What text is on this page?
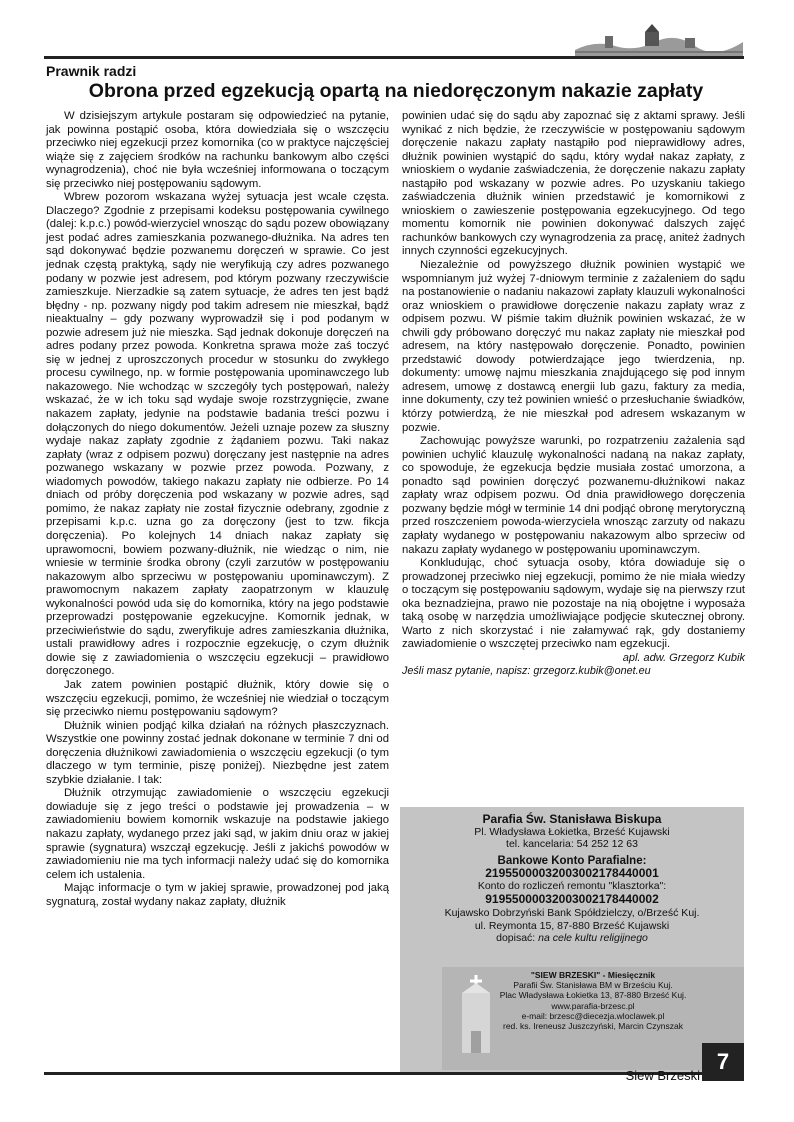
Prawnik radzi
Obrona przed egzekucją opartą na niedoręczonym nakazie zapłaty

W dzisiejszym artykule postaram się odpowiedzieć na pytanie, jak powinna postąpić osoba, która dowiedziała się o wszczęciu przeciwko niej egzekucji przez komornika (co w praktyce najczęściej wiąże się z zajęciem środków na rachunku bankowym albo części wynagrodzenia), choć nie była wcześniej informowana o toczącym się przeciwko niej postępowaniu sądowym.

Wbrew pozorom wskazana wyżej sytuacja jest wcale częsta. Dlaczego? Zgodnie z przepisami kodeksu postępowania cywilnego (dalej: k.p.c.) powód-wierzyciel wnosząc do sądu pozew obowiązany jest podać adres zamieszkania pozwanego-dłużnika. Na adres ten sąd dokonywać będzie pozwanemu doręczeń w sprawie. Co jest jednak częstą praktyką, sądy nie weryfikują czy adres pozwanego podany w pozwie jest adresem, pod którym pozwany rzeczywiście zamieszkuje. Nierzadkie są zatem sytuacje, że adres ten jest bądź błędny - np. pozwany nigdy pod takim adresem nie mieszkał, bądź nieaktualny – gdy pozwany wyprowadził się i pod podanym w pozwie adresem już nie mieszka. Sąd jednak dokonuje doręczeń na adres podany przez powoda. Konkretna sprawa może zaś toczyć się w jednej z uproszczonych procedur w stosunku do zwykłego procesu cywilnego, np. w formie postępowania upominawczego lub nakazowego. Nie wchodząc w szczegóły tych postępowań, należy wskazać, że w ich toku sąd wydaje swoje rozstrzygnięcie, zwane nakazem zapłaty, jedynie na podstawie badania treści pozwu i dołączonych do niego dokumentów. Jeżeli uznaje pozew za słuszny wydaje nakaz zapłaty zgodnie z żądaniem pozwu. Taki nakaz zapłaty (wraz z odpisem pozwu) doręczany jest następnie na adres pozwanego wskazany w pozwie przez powoda. Pozwany, z wiadomych powodów, takiego nakazu zapłaty nie odbierze. Po 14 dniach od próby doręczenia pod wskazany w pozwie adres, sąd pomimo, że nakaz zapłaty nie został fizycznie odebrany, zgodnie z przepisami k.p.c. uzna go za doręczony (jest to tzw. fikcja doręczenia). Po kolejnych 14 dniach nakaz zapłaty się uprawomocni, bowiem pozwany-dłużnik, nie wiedząc o nim, nie wniesie w terminie środka obrony (czyli zarzutów w postępowaniu nakazowym albo sprzeciwu w postępowaniu upominawczym). Z prawomocnym nakazem zapłaty zaopatrzonym w klauzulę wykonalności powód uda się do komornika, który na jego podstawie przeprowadzi postępowanie egzekucyjne. Komornik jednak, w przeciwieństwie do sądu, zweryfikuje adres zamieszkania dłużnika, ustali prawidłowy adres i rozpocznie egzekucję, o czym dłużnik dowie się z zawiadomienia o wszczęciu egzekucji – prawidłowo doręczonego.

Jak zatem powinien postąpić dłużnik, który dowie się o wszczęciu egzekucji, pomimo, że wcześniej nie wiedział o toczącym się przeciwko niemu postępowaniu sądowym?

Dłużnik winien podjąć kilka działań na różnych płaszczyznach. Wszystkie one powinny zostać jednak dokonane w terminie 7 dni od doręczenia dłużnikowi zawiadomienia o wszczęciu egzekucji (o tym dlaczego w tym terminie, piszę poniżej). Niezbędne jest zatem szybkie działanie. I tak:

Dłużnik otrzymując zawiadomienie o wszczęciu egzekucji dowiaduje się z jego treści o podstawie jej prowadzenia – w zawiadomieniu bowiem komornik wskazuje na podstawie jakiego nakazu zapłaty, wydanego przez jaki sąd, w jakim dniu oraz w jakiej sprawie (sygnatura) wszczął egzekucję. Jeśli z jakichś powodów w zawiadomieniu nie ma tych informacji należy udać się do komornika celem ich ustalenia.

Mając informacje o tym w jakiej sprawie, prowadzonej pod jaką sygnaturą, został wydany nakaz zapłaty, dłużnik

powinien udać się do sądu aby zapoznać się z aktami sprawy. Jeśli wynikać z nich będzie, że rzeczywiście w postępowaniu sądowym doręczenie nakazu zapłaty nastąpiło pod nieprawidłowy adres, dłużnik powinien wystąpić do sądu, który wydał nakaz zapłaty, z wnioskiem o wydanie zaświadczenia, że doręczenie nakazu zapłaty nastąpiło pod wskazany w pozwie adres. Po uzyskaniu takiego zaświadczenia dłużnik winien przedstawić je komornikowi z wnioskiem o zawieszenie postępowania egzekucyjnego. Od tego momentu komornik nie powinien dokonywać dalszych zajęć rachunków bankowych czy wynagrodzenia za pracę, aniteż żadnych innych czynności egzekucyjnych.

Niezależnie od powyższego dłużnik powinien wystąpić we wspomnianym już wyżej 7-dniowym terminie z zażaleniem do sądu na postanowienie o nadaniu nakazowi zapłaty klauzuli wykonalności oraz wnioskiem o prawidłowe doręczenie nakazu zapłaty wraz z odpisem pozwu. W piśmie takim dłużnik powinien wskazać, że w chwili gdy próbowano doręczyć mu nakaz zapłaty nie mieszkał pod adresem, na który następowało doręczenie. Ponadto, powinien przedstawić dowody potwierdzające jego twierdzenia, np. dokumenty: umowę najmu mieszkania znajdującego się pod innym adresem, umowę z dostawcą energii lub gazu, faktury za media, inne dokumenty, czy też powinien wnieść o przesłuchanie świadków, którzy potwierdzą, że nie mieszkał pod adresem wskazanym w pozwie.

Zachowując powyższe warunki, po rozpatrzeniu zażalenia sąd powinien uchylić klauzulę wykonalności nadaną na nakaz zapłaty, co spowoduje, że egzekucja będzie musiała zostać umorzona, a ponadto sąd powinien doręczyć pozwanemu-dłużnikowi nakaz zapłaty wraz odpisem pozwu. Od dnia prawidłowego doręczenia pozwany będzie mógł w terminie 14 dni podjąć obronę merytoryczną przed roszczeniem powoda-wierzyciela wnosząc zarzuty od nakazu zapłaty wydanego w postępowaniu nakazowym albo sprzeciw od nakazu zapłaty wydanego w postępowaniu upominawczym.

Konkludując, choć sytuacja osoby, która dowiaduje się o prowadzonej przeciwko niej egzekucji, pomimo że nie miała wiedzy o toczącym się postępowaniu sądowym, wydaje się na pierwszy rzut oka beznadziejna, prawo nie pozostaje na nią obojętne i wyposaża taką osobę w narzędzia umożliwiające podjęcie skutecznej obrony. Warto z nich skorzystać i nie załamywać rąk, gdy dostaniemy zawiadomienie o wszczętej przeciwko nam egzekucji.

apl. adw. Grzegorz Kubik

Jeśli masz pytanie, napisz: grzegorz.kubik@onet.eu

Parafia Św. Stanisława Biskupa
Pl. Władysława Łokietka, Brześć Kujawski
tel. kancelaria: 54 252 12 63
Bankowe Konto Parafialne:
21955000032003002178440001
Konto do rozliczeń remontu "klasztorka":
91955000032003002178440002
Kujawsko Dobrzyński Bank Spółdzielczy, o/Brześć Kuj.
ul. Reymonta 15, 87-880 Brześć Kujawski
dopisać: na cele kultu religijnego
"SIEW BRZESKI" - Miesięcznik
Parafii Św. Stanisława BM w Brześciu Kuj.
Plac Władysława Łokietka 13, 87-880 Brześć Kuj.
www.parafia-brzesc.pl
e-mail: brzesc@diecezja.wloclawek.pl
red. ks. Ireneusz Juszczyński, Marcin Czynszak
Siew Brzeski
7
